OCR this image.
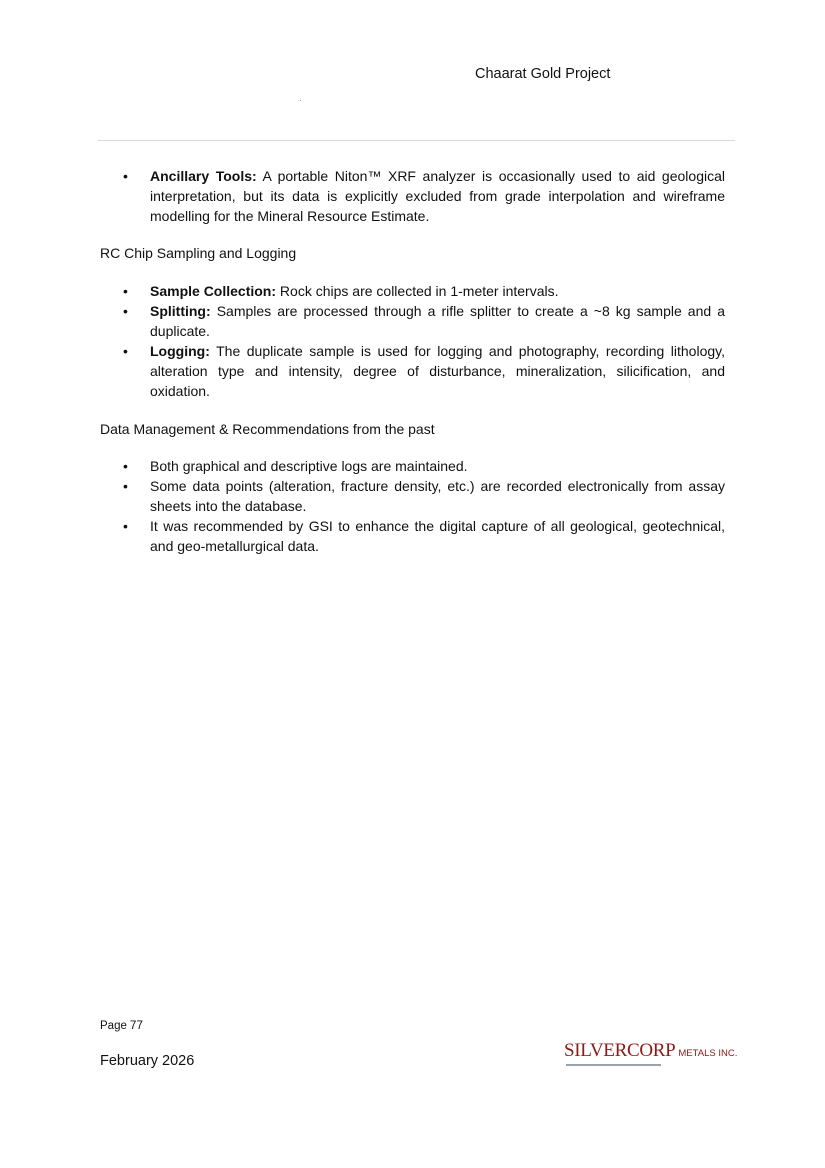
Chaarat Gold Project
• Ancillary Tools: A portable Niton™ XRF analyzer is occasionally used to aid geological interpretation, but its data is explicitly excluded from grade interpolation and wireframe modelling for the Mineral Resource Estimate.
RC Chip Sampling and Logging
• Sample Collection: Rock chips are collected in 1-meter intervals.
• Splitting: Samples are processed through a rifle splitter to create a ~8 kg sample and a duplicate.
• Logging: The duplicate sample is used for logging and photography, recording lithology, alteration type and intensity, degree of disturbance, mineralization, silicification, and oxidation.
Data Management & Recommendations from the past
• Both graphical and descriptive logs are maintained.
• Some data points (alteration, fracture density, etc.) are recorded electronically from assay sheets into the database.
• It was recommended by GSI to enhance the digital capture of all geological, geotechnical, and geo-metallurgical data.
Page 77
February 2026	SILVERCORP METALS INC.
